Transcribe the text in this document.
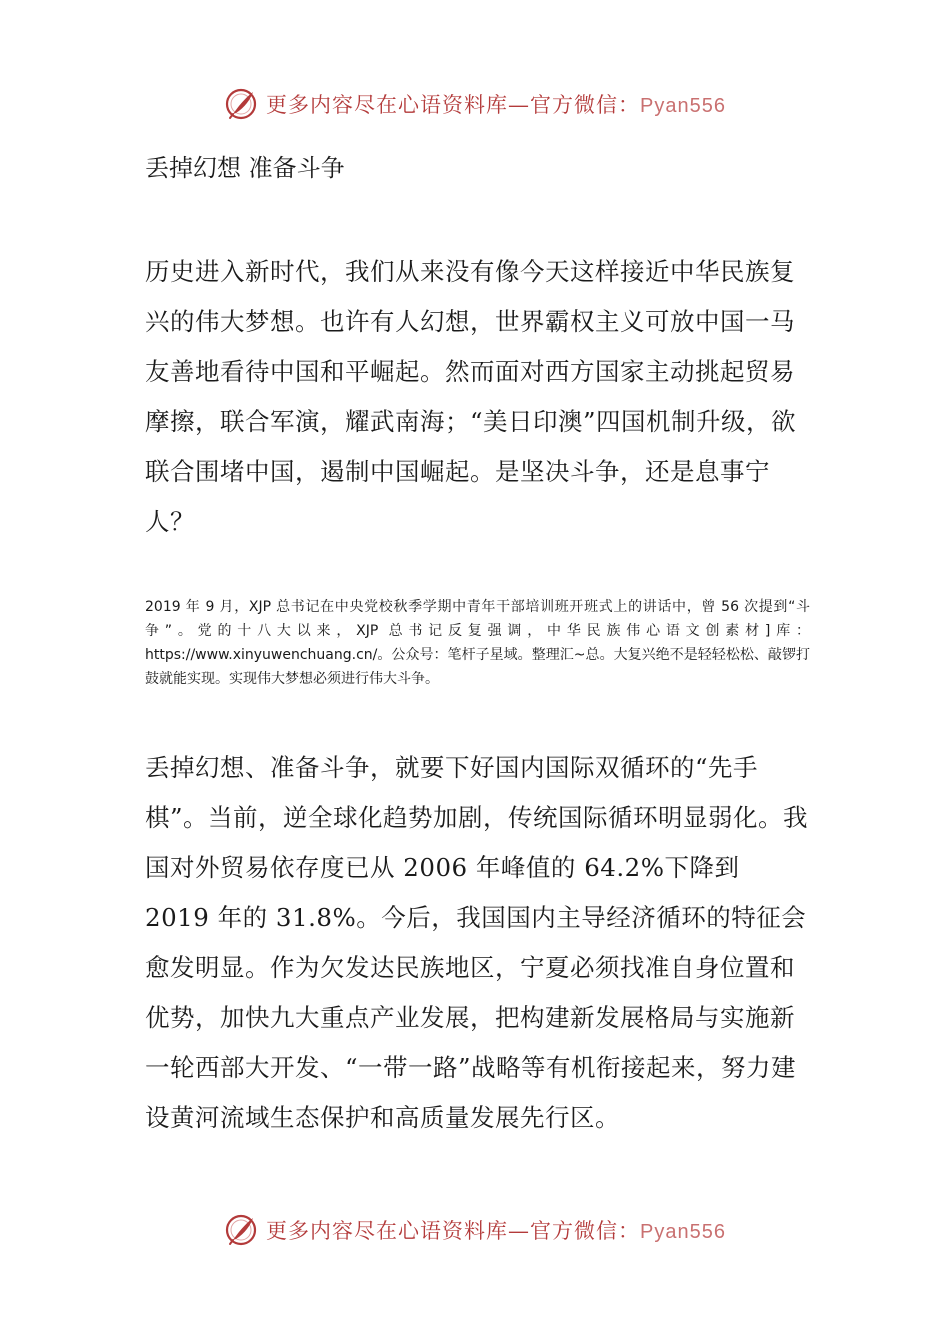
更多内容尽在心语资料库—官方微信：Pyan556
丢掉幻想 准备斗争

历史进入新时代，我们从来没有像今天这样接近中华民族复兴的伟大梦想。也许有人幻想，世界霸权主义可放中国一马友善地看待中国和平崛起。然而面对西方国家主动挑起贸易摩擦，联合军演，耀武南海；“美日印澳”四国机制升级，欲联合围堵中国，遏制中国崛起。是坚决斗争，还是息事宁人？

2019 年 9 月，XJP 总书记在中央党校秋季学期中青年干部培训班开班式上的讲话中，曾 56 次提到“斗争”。党的十八大以来，XJP 总书记反复强调，中华民族伟心语文创素材]库：https://www.xinyuwenchuang.cn/。公众号：笔杆子星域。整理汇~总。大复兴绝不是轻轻松松、敲锣打鼓就能实现。实现伟大梦想必须进行伟大斗争。

丢掉幻想、准备斗争，就要下好国内国际双循环的“先手棋”。当前，逆全球化趋势加剧，传统国际循环明显弱化。我国对外贸易依存度已从 2006 年峰值的 64.2%下降到 2019 年的 31.8%。今后，我国国内主导经济循环的特征会愈发明显。作为欠发达民族地区，宁夏必须找准自身位置和优势，加快九大重点产业发展，把构建新发展格局与实施新一轮西部大开发、“一带一路”战略等有机衔接起来，努力建设黄河流域生态保护和高质量发展先行区。

更多内容尽在心语资料库—官方微信：Pyan556
